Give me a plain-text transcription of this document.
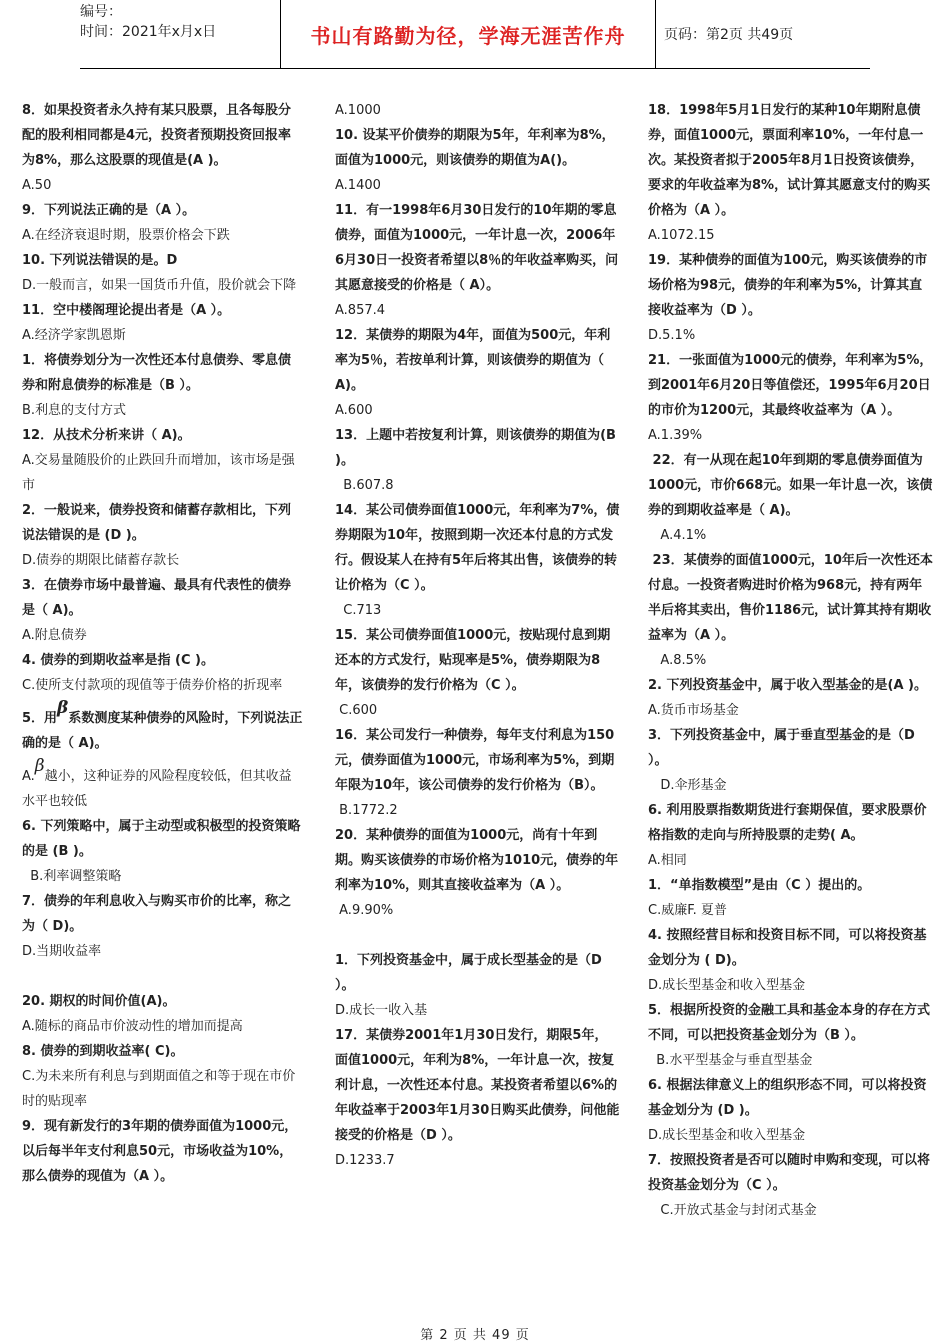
编号：
时间：2021年x月x日	书山有路勤为径，学海无涯苦作舟	页码：第2页 共49页
8．如果投资者永久持有某只股票，且各每股分配的股利相同都是4元，投资者预期投资回报率为8%，那么这股票的现值是(A )。
A.50
9．下列说法正确的是（A ）。
A.在经济衰退时期，股票价格会下跌
10. 下列说法错误的是。D
D.一般而言，如果一国货币升值，股价就会下降
11．空中楼阁理论提出者是（A ）。
A.经济学家凯恩斯
1．将债券划分为一次性还本付息债券、零息债券和附息债券的标准是（B ）。
B.利息的支付方式
12．从技术分析来讲（ A)。
A.交易量随股价的止跌回升而增加，该市场是强市
2．一般说来，债券投资和储蓄存款相比，下列说法错误的是 (D )。
D.债券的期限比储蓄存款长
3．在债券市场中最普遍、最具有代表性的债券是（ A)。
A.附息债券
4. 债券的到期收益率是指 (C )。
C.使所支付款项的现值等于债券价格的折现率
5．用β系数测度某种债券的风险时，下列说法正确的是（ A)。
A.β越小，这种证券的风险程度较低，但其收益水平也较低
6. 下列策略中，属于主动型或积极型的投资策略的是 (B )。
B.利率调整策略
7．债券的年利息收入与购买市价的比率，称之为（ D)。
D.当期收益率
20. 期权的时间价值(A)。
A.随标的商品市价波动性的增加而提高
8. 债券的到期收益率( C)。
C.为未来所有利息与到期面值之和等于现在市价时的贴现率
9．现有新发行的3年期的债券面值为1000元，以后每半年支付利息50元，市场收益为10%，那么债券的现值为（A ）。
A.1000
10. 设某平价债券的期限为5年，年利率为8%，面值为1000元，则该债券的期值为A()。
A.1400
11．有一1998年6月30日发行的10年期的零息债券，面值为1000元，一年计息一次，2006年6月30日一投资者希望以8％的年收益率购买，问其愿意接受的价格是（ A）。
A.857.4
12．某债券的期限为4年，面值为500元，年利率为5％，若按单利计算，则该债券的期值为（ A)。
A.600
13．上题中若按复利计算，则该债券的期值为(B )。
B.607.8
14．某公司债券面值1000元，年利率为7%，债券期限为10年，按照到期一次还本付息的方式发行。假设某人在持有5年后将其出售，该债券的转让价格为（C ）。
C.713
15．某公司债券面值1000元，按贴现付息到期还本的方式发行，贴现率是5%，债券期限为8年，该债券的发行价格为（C ）。
C.600
16．某公司发行一种债券，每年支付利息为150元，债券面值为1000元，市场利率为5%，到期年限为10年，该公司债券的发行价格为（B）。
B.1772.2
20．某种债券的面值为1000元，尚有十年到期。购买该债券的市场价格为1010元，债券的年利率为10%，则其直接收益率为（A ）。
A.9.90%
1．下列投资基金中，属于成长型基金的是（D ）。
D.成长一收入基
17．某债券2001年1月30日发行，期限5年，面值1000元，年利为8%，一年计息一次，按复利计息，一次性还本付息。某投资者希望以6%的年收益率于2003年1月30日购买此债券，问他能接受的价格是（D ）。
D.1233.7
18．1998年5月1日发行的某种10年期附息债券，面值1000元，票面利率10%，一年付息一次。某投资者拟于2005年8月1日投资该债券，要求的年收益率为8%，试计算其愿意支付的购买价格为（A ）。
A.1072.15
19．某种债券的面值为100元，购买该债券的市场价格为98元，债券的年利率为5%，计算其直接收益率为（D ）。
D.5.1%
21．一张面值为1000元的债券，年利率为5%，到2001年6月20日等值偿还，1995年6月20日的市价为1200元，其最终收益率为（A ）。
A.1.39%
22．有一从现在起10年到期的零息债券面值为1000元，市价668元。如果一年计息一次，该债券的到期收益率是（ A)。
A.4.1%
23．某债券的面值1000元，10年后一次性还本付息。一投资者购进时价格为968元，持有两年半后将其卖出，售价1186元，试计算其持有期收益率为（A ）。
A.8.5%
2. 下列投资基金中，属于收入型基金的是(A )。
A.货币市场基金
3．下列投资基金中，属于垂直型基金的是（D ）。
D.伞形基金
6. 利用股票指数期货进行套期保值，要求股票价格指数的走向与所持股票的走势( A。
A.相同
1．“单指数模型”是由（C ）提出的。
C.威廉F. 夏普
4. 按照经营目标和投资目标不同，可以将投资基金划分为 ( D)。
D.成长型基金和收入型基金
5．根据所投资的金融工具和基金本身的存在方式不同，可以把投资基金划分为（B ）。
B.水平型基金与垂直型基金
6. 根据法律意义上的组织形态不同，可以将投资基金划分为 (D )。
D.成长型基金和收入型基金
7．按照投资者是否可以随时申购和变现，可以将投资基金划分为（C ）。
C.开放式基金与封闭式基金
第 2 页 共 49 页
